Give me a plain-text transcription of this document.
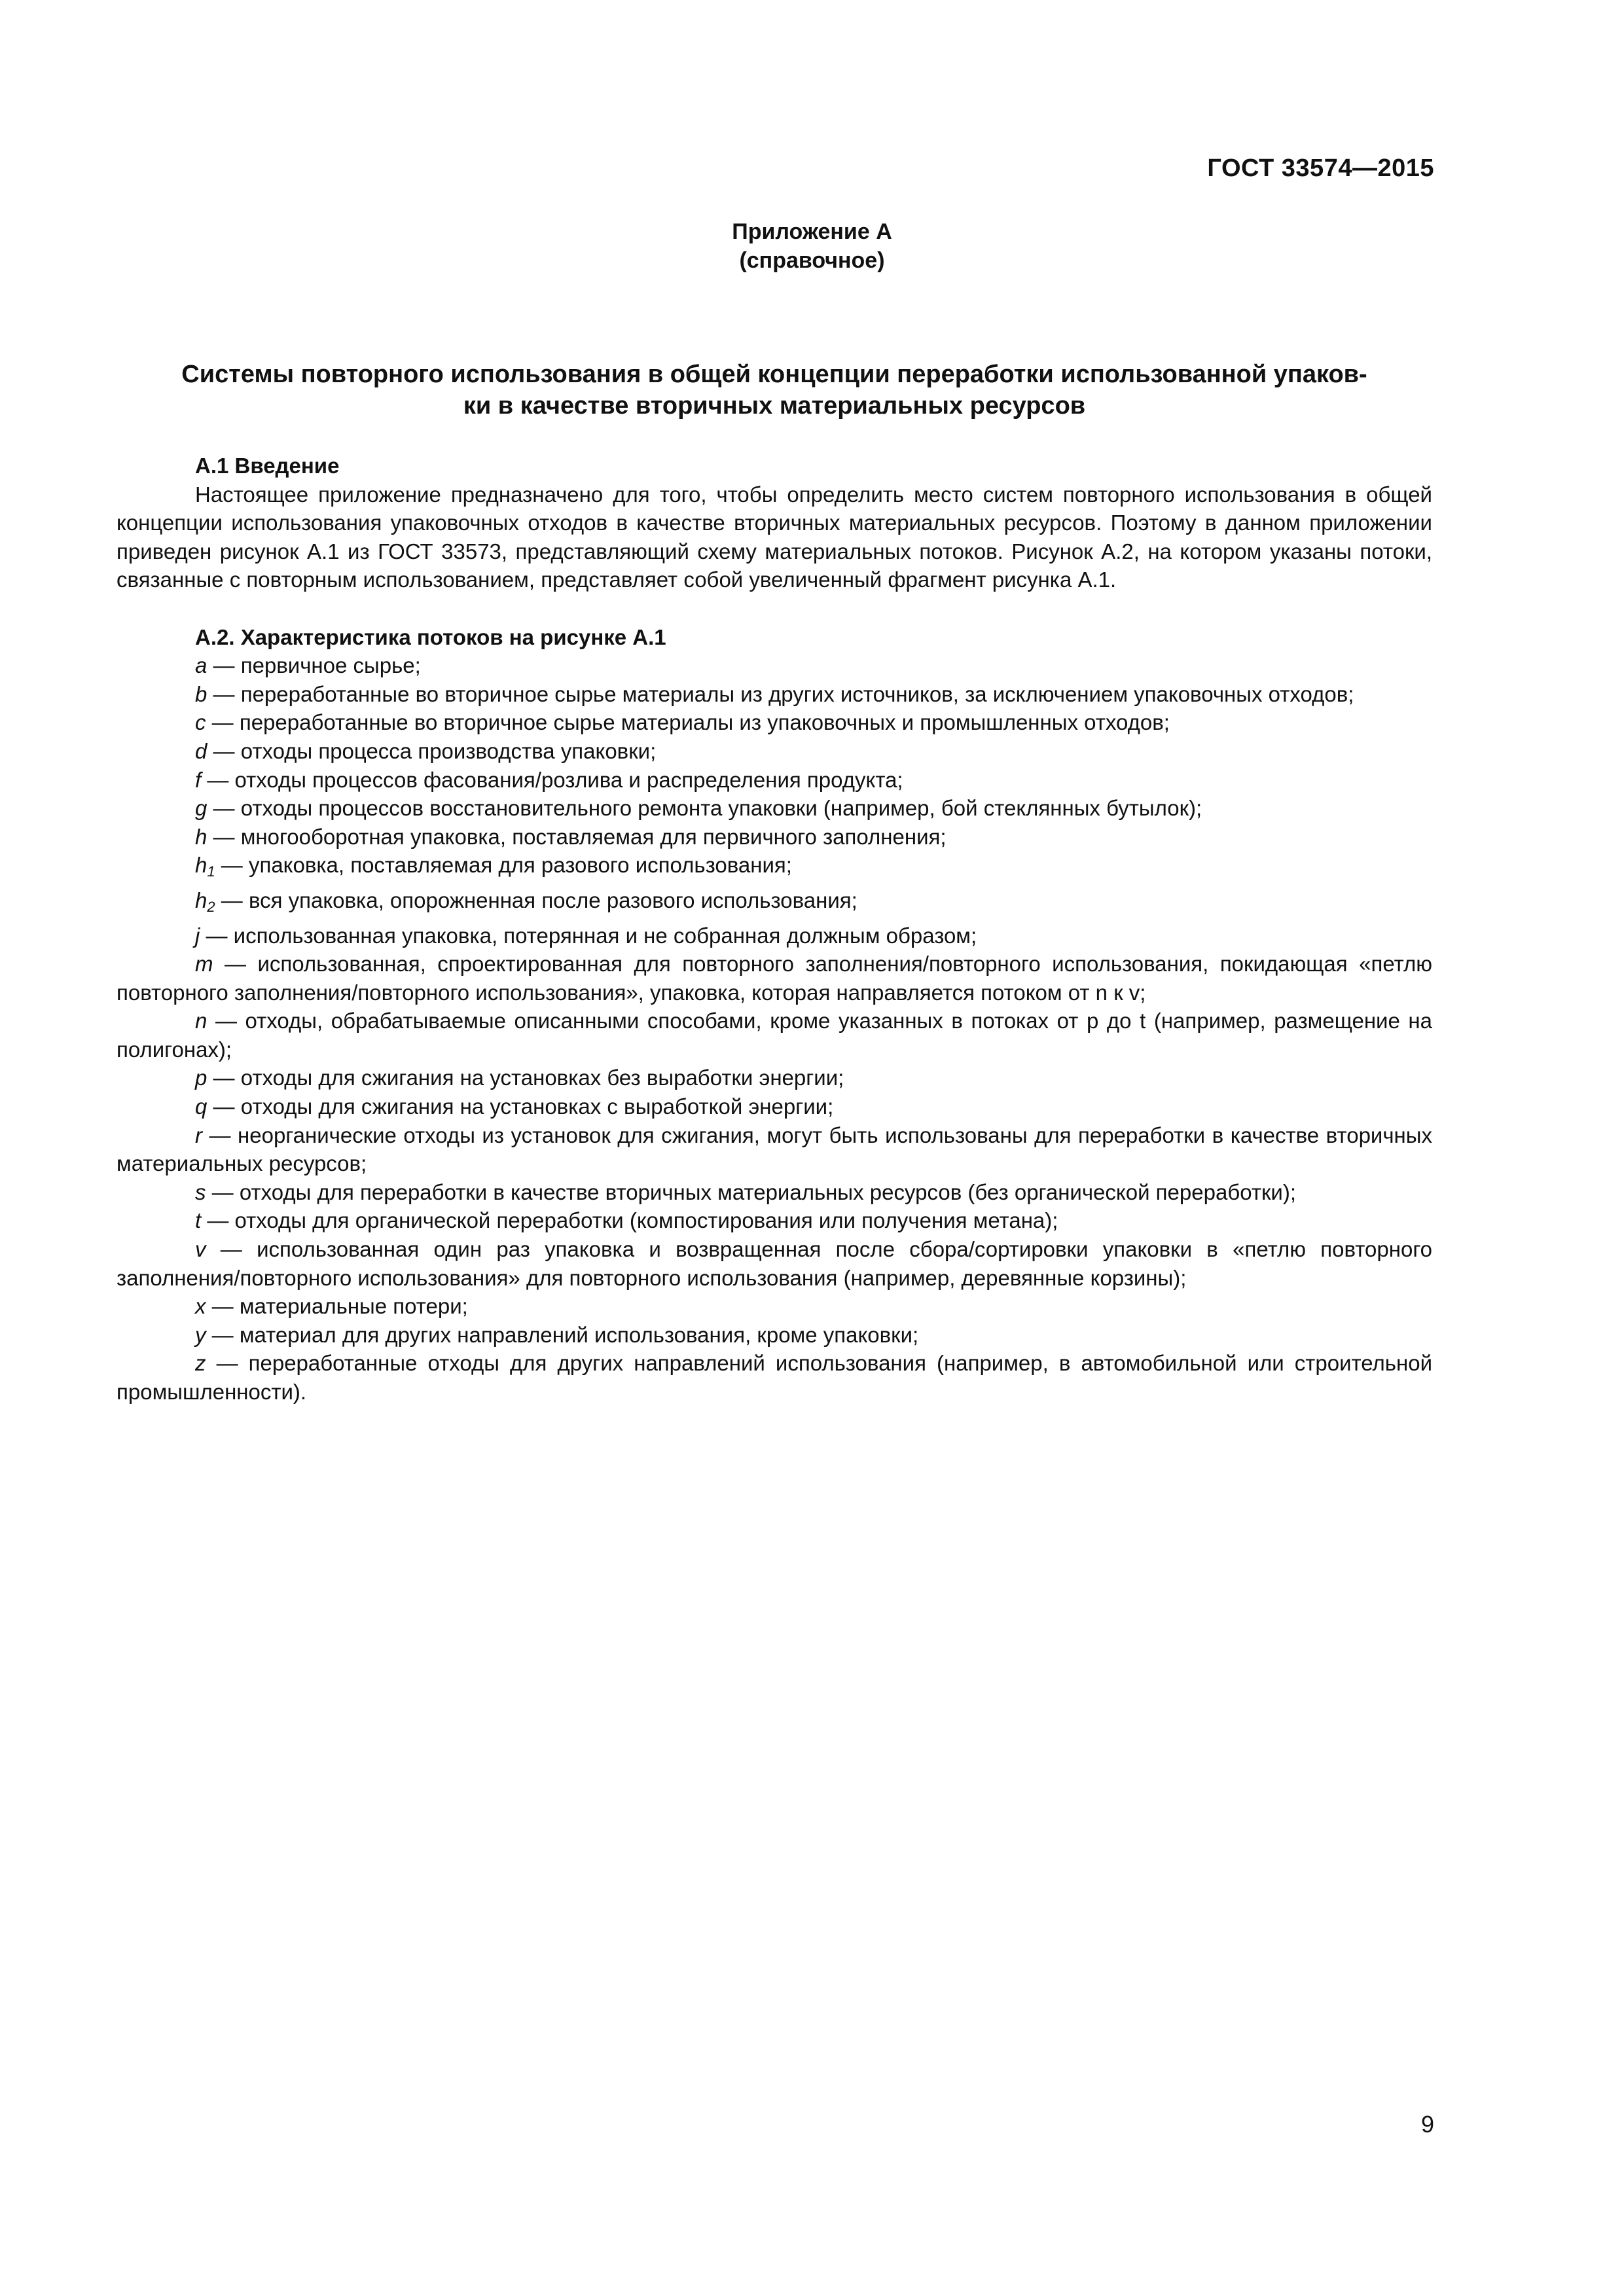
ГОСТ 33574—2015
Приложение А
(справочное)
Системы повторного использования в общей концепции переработки использованной упаков-
ки в качестве вторичных материальных ресурсов

А.1 Введение

Настоящее приложение предназначено для того, чтобы определить место систем повторного использования в общей концепции использования упаковочных отходов в качестве вторичных материальных ресурсов. Поэтому в данном приложении приведен рисунок А.1 из ГОСТ 33573, представляющий схему материальных потоков. Рисунок А.2, на котором указаны потоки, связанные с повторным использованием, представляет собой увеличенный фрагмент рисунка А.1.

А.2. Характеристика потоков на рисунке А.1

a — первичное сырье;

b — переработанные во вторичное сырье материалы из других источников, за исключением упаковочных отходов;

c — переработанные во вторичное сырье материалы из упаковочных и промышленных отходов;

d — отходы процесса производства упаковки;

f — отходы процессов фасования/розлива и распределения продукта;

g — отходы процессов восстановительного ремонта упаковки (например, бой стеклянных бутылок);

h — многооборотная упаковка, поставляемая для первичного заполнения;

$h_1$ — упаковка, поставляемая для разового использования;

$h_2$ — вся упаковка, опорожненная после разового использования;

j — использованная упаковка, потерянная и не собранная должным образом;

m — использованная, спроектированная для повторного заполнения/повторного использования, покидающая «петлю повторного заполнения/повторного использования», упаковка, которая направляется потоком от n к v;

n — отходы, обрабатываемые описанными способами, кроме указанных в потоках от p до t (например, размещение на полигонах);

p — отходы для сжигания на установках без выработки энергии;

q — отходы для сжигания на установках с выработкой энергии;

r — неорганические отходы из установок для сжигания, могут быть использованы для переработки в качестве вторичных материальных ресурсов;

s — отходы для переработки в качестве вторичных материальных ресурсов (без органической переработки);

t — отходы для органической переработки (компостирования или получения метана);

v — использованная один раз упаковка и возвращенная после сбора/сортировки упаковки в «петлю повторного заполнения/повторного использования» для повторного использования (например, деревянные корзины);

x — материальные потери;

y — материал для других направлений использования, кроме упаковки;

z — переработанные отходы для других направлений использования (например, в автомобильной или строительной промышленности).

9
